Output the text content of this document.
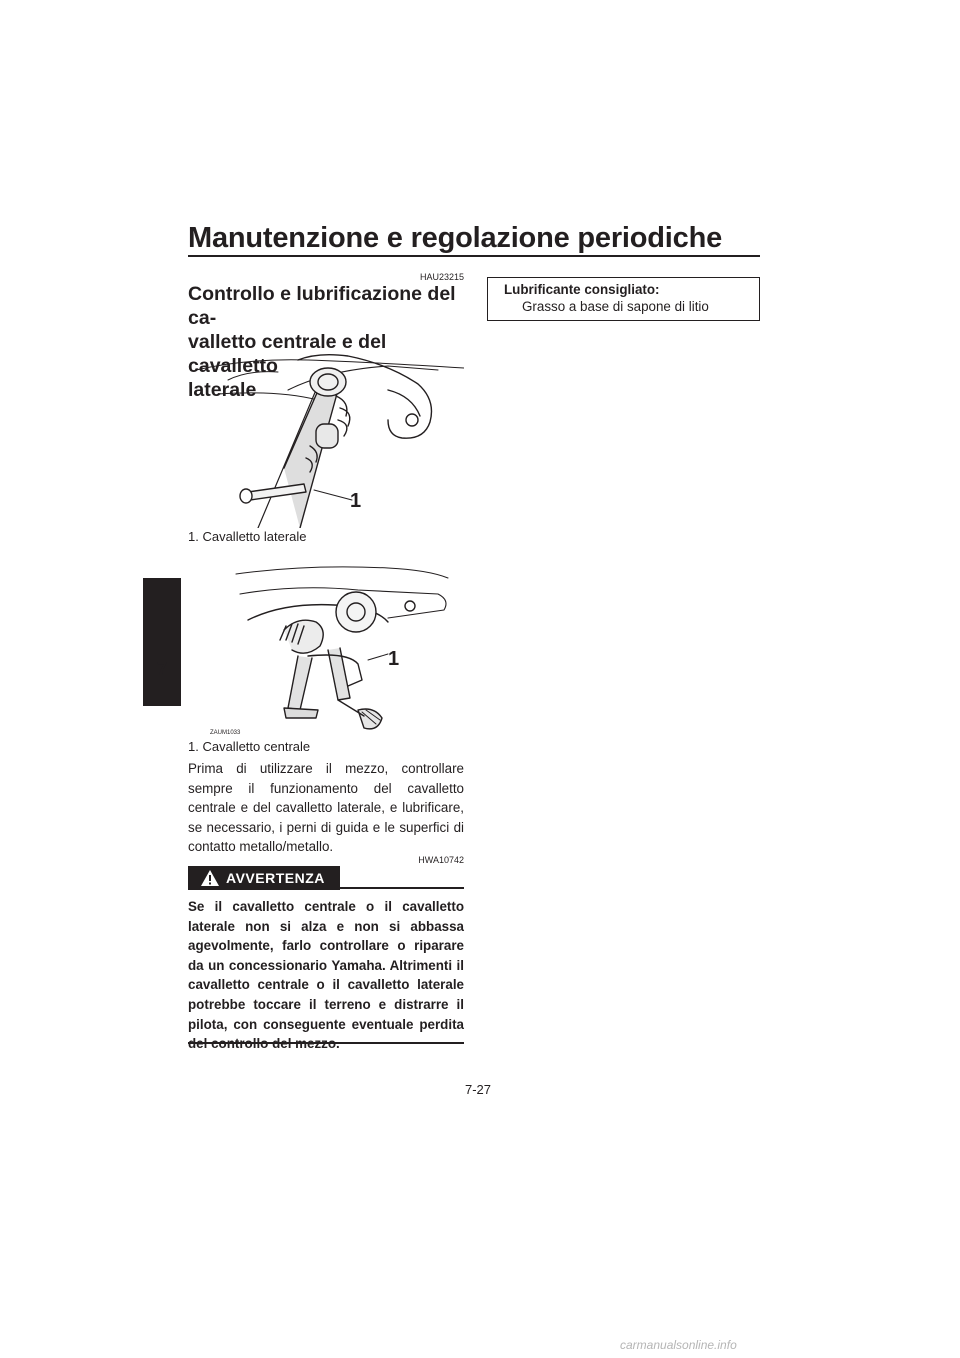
Manutenzione e regolazione periodiche
7
HAU23215
Controllo e lubrificazione del ca-
valletto centrale e del cavalletto
laterale
1
1. Cavalletto laterale
1
ZAUM1033
1. Cavalletto centrale
Prima di utilizzare il mezzo, controllare sempre il funzionamento del cavalletto centrale e del cavalletto laterale, e lubrificare, se necessario, i perni di guida e le superfici di contatto metallo/metallo.
HWA10742
AVVERTENZA
Se il cavalletto centrale o il cavalletto laterale non si alza e non si abbassa agevolmente, farlo controllare o riparare da un concessionario Yamaha. Altrimenti il cavalletto centrale o il cavalletto laterale potrebbe toccare il terreno e distrarre il pilota, con conseguente eventuale perdita
Lubrificante consigliato:
Grasso a base di sapone di litio
7-27
carmanualsonline.info
